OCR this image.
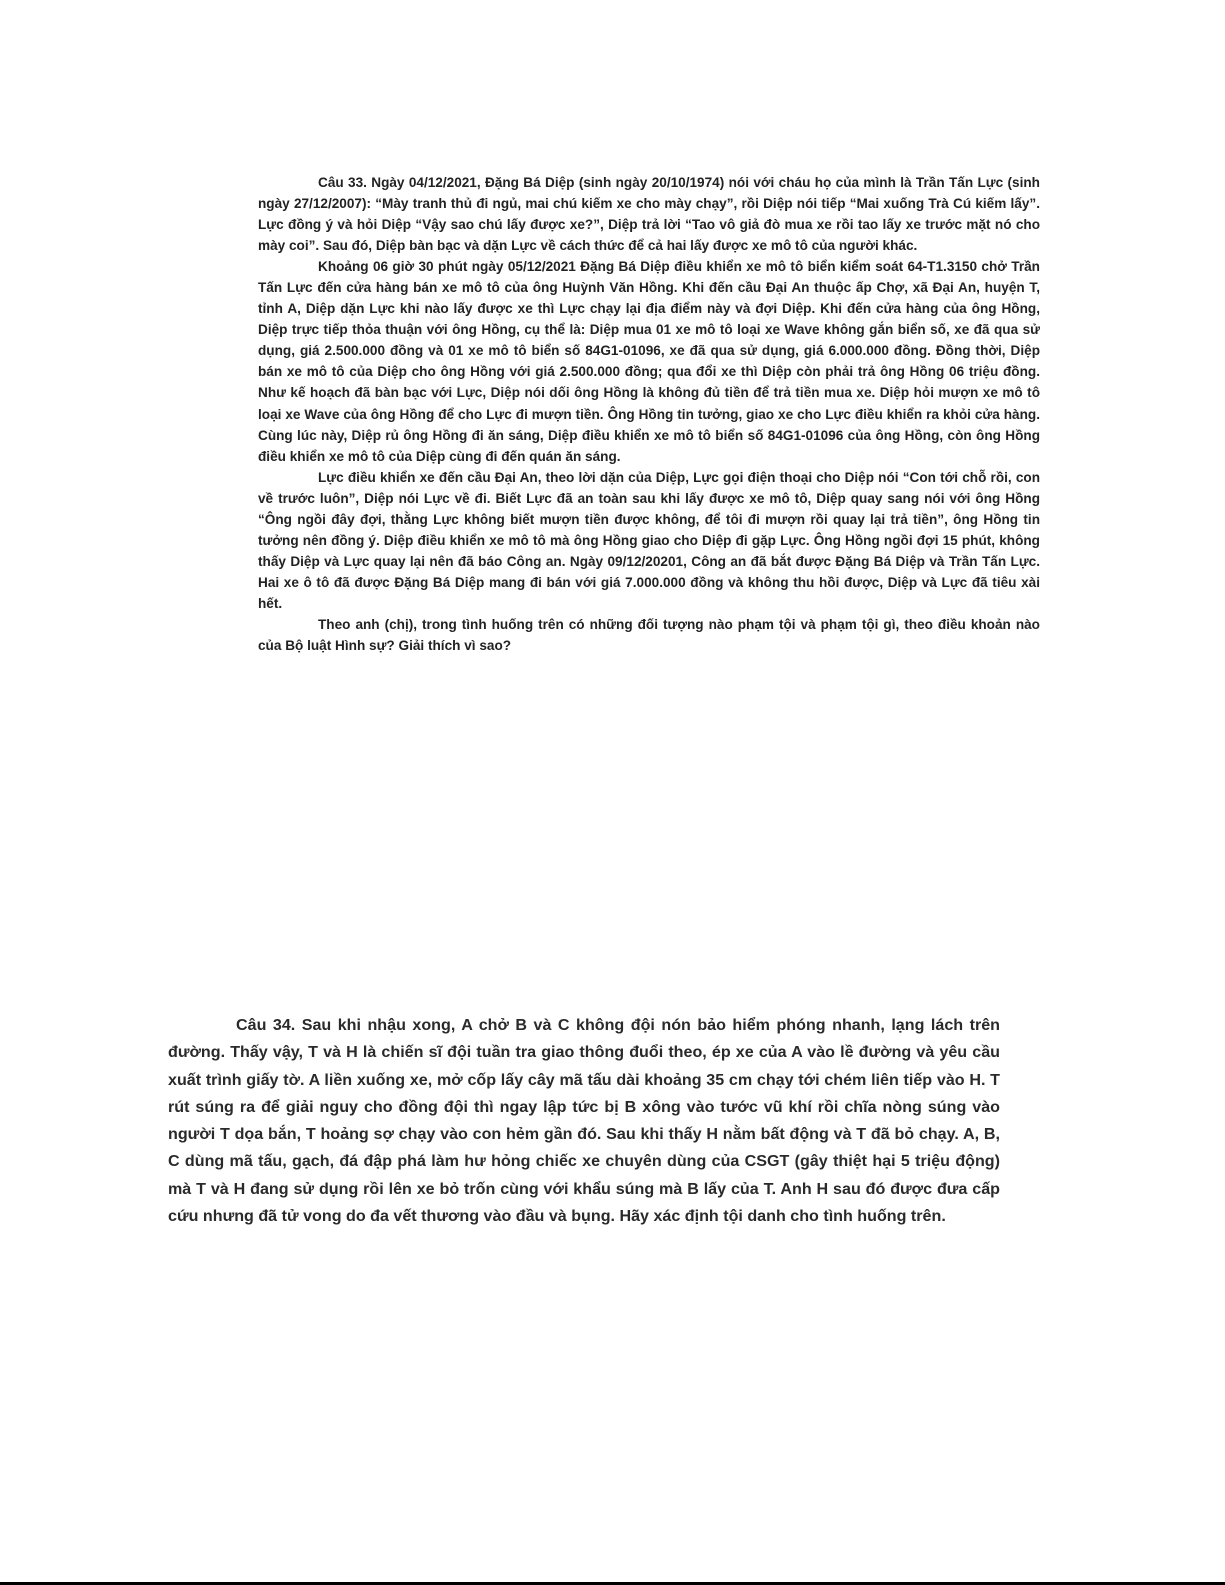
Câu 33. Ngày 04/12/2021, Đặng Bá Diệp (sinh ngày 20/10/1974) nói với cháu họ của mình là Trần Tấn Lực (sinh ngày 27/12/2007): “Mày tranh thủ đi ngủ, mai chú kiếm xe cho mày chạy”, rồi Diệp nói tiếp “Mai xuống Trà Cú kiếm lấy”. Lực đồng ý và hỏi Diệp “Vậy sao chú lấy được xe?”, Diệp trả lời “Tao vô giả đò mua xe rồi tao lấy xe trước mặt nó cho mày coi”. Sau đó, Diệp bàn bạc và dặn Lực về cách thức để cả hai lấy được xe mô tô của người khác.

Khoảng 06 giờ 30 phút ngày 05/12/2021 Đặng Bá Diệp điều khiển xe mô tô biển kiểm soát 64-T1.3150 chở Trần Tấn Lực đến cửa hàng bán xe mô tô của ông Huỳnh Văn Hồng. Khi đến cầu Đại An thuộc ấp Chợ, xã Đại An, huyện T, tỉnh A, Diệp dặn Lực khi nào lấy được xe thì Lực chạy lại địa điểm này và đợi Diệp. Khi đến cửa hàng của ông Hồng, Diệp trực tiếp thỏa thuận với ông Hồng, cụ thể là: Diệp mua 01 xe mô tô loại xe Wave không gắn biển số, xe đã qua sử dụng, giá 2.500.000 đồng và 01 xe mô tô biển số 84G1-01096, xe đã qua sử dụng, giá 6.000.000 đồng. Đồng thời, Diệp bán xe mô tô của Diệp cho ông Hồng với giá 2.500.000 đồng; qua đổi xe thì Diệp còn phải trả ông Hồng 06 triệu đồng. Như kế hoạch đã bàn bạc với Lực, Diệp nói dối ông Hồng là không đủ tiền để trả tiền mua xe. Diệp hỏi mượn xe mô tô loại xe Wave của ông Hồng để cho Lực đi mượn tiền. Ông Hồng tin tưởng, giao xe cho Lực điều khiển ra khỏi cửa hàng. Cùng lúc này, Diệp rủ ông Hồng đi ăn sáng, Diệp điều khiển xe mô tô biển số 84G1-01096 của ông Hồng, còn ông Hồng điều khiển xe mô tô của Diệp cùng đi đến quán ăn sáng.

Lực điều khiển xe đến cầu Đại An, theo lời dặn của Diệp, Lực gọi điện thoại cho Diệp nói “Con tới chỗ rồi, con về trước luôn”, Diệp nói Lực về đi. Biết Lực đã an toàn sau khi lấy được xe mô tô, Diệp quay sang nói với ông Hồng “Ông ngồi đây đợi, thằng Lực không biết mượn tiền được không, để tôi đi mượn rồi quay lại trả tiền”, ông Hồng tin tưởng nên đồng ý. Diệp điều khiển xe mô tô mà ông Hồng giao cho Diệp đi gặp Lực. Ông Hồng ngồi đợi 15 phút, không thấy Diệp và Lực quay lại nên đã báo Công an. Ngày 09/12/20201, Công an đã bắt được Đặng Bá Diệp và Trần Tấn Lực. Hai xe ô tô đã được Đặng Bá Diệp mang đi bán với giá 7.000.000 đồng và không thu hồi được, Diệp và Lực đã tiêu xài hết.

Theo anh (chị), trong tình huống trên có những đối tượng nào phạm tội và phạm tội gì, theo điều khoản nào của Bộ luật Hình sự? Giải thích vì sao?

Câu 34. Sau khi nhậu xong, A chở B và C không đội nón bảo hiểm phóng nhanh, lạng lách trên đường. Thấy vậy, T và H là chiến sĩ đội tuần tra giao thông đuổi theo, ép xe của A vào lề đường và yêu cầu xuất trình giấy tờ. A liền xuống xe, mở cốp lấy cây mã tấu dài khoảng 35 cm chạy tới chém liên tiếp vào H. T rút súng ra để giải nguy cho đồng đội thì ngay lập tức bị B xông vào tước vũ khí rồi chĩa nòng súng vào người T dọa bắn, T hoảng sợ chạy vào con hẻm gần đó. Sau khi thấy H nằm bất động và T đã bỏ chạy. A, B, C dùng mã tấu, gạch, đá đập phá làm hư hỏng chiếc xe chuyên dùng của CSGT (gây thiệt hại 5 triệu động) mà T và H đang sử dụng rồi lên xe bỏ trốn cùng với khẩu súng mà B lấy của T. Anh H sau đó được đưa cấp cứu nhưng đã tử vong do đa vết thương vào đầu và bụng. Hãy xác định tội danh cho tình huống trên.
